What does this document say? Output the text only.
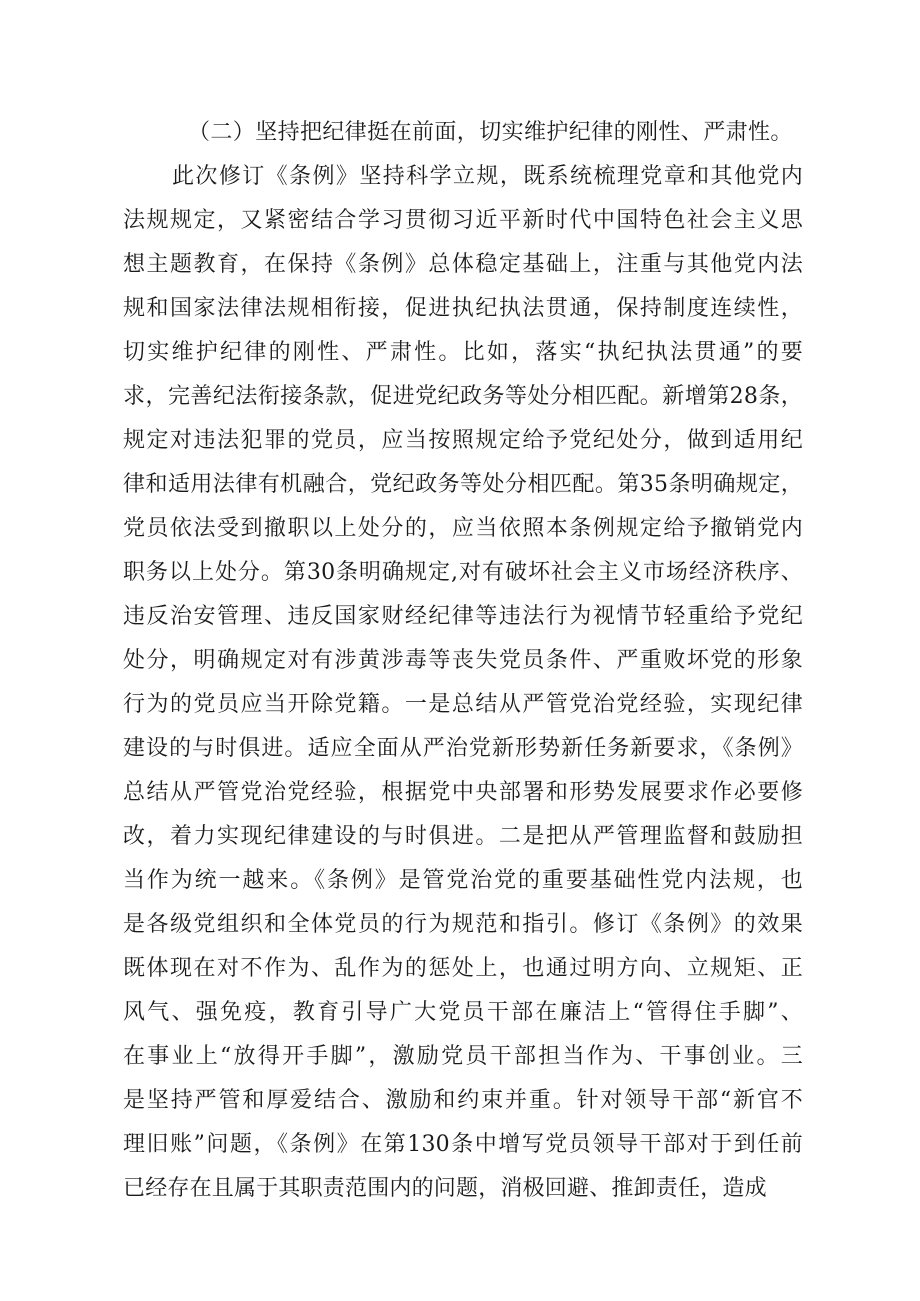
（二）坚持把纪律挺在前面，切实维护纪律的刚性、严肃性。
此次修订《条例》坚持科学立规，既系统梳理党章和其他党内
法规规定，又紧密结合学习贯彻习近平新时代中国特色社会主义思
想主题教育，在保持《条例》总体稳定基础上，注重与其他党内法
规和国家法律法规相衔接，促进执纪执法贯通，保持制度连续性，
切实维护纪律的刚性、严肃性。比如，落实“执纪执法贯通”的要
求，完善纪法衔接条款，促进党纪政务等处分相匹配。新增第28条，
规定对违法犯罪的党员，应当按照规定给予党纪处分，做到适用纪
律和适用法律有机融合，党纪政务等处分相匹配。第35条明确规定，
党员依法受到撤职以上处分的，应当依照本条例规定给予撤销党内
职务以上处分。第30条明确规定,对有破坏社会主义市场经济秩序、
违反治安管理、违反国家财经纪律等违法行为视情节轻重给予党纪
处分，明确规定对有涉黄涉毒等丧失党员条件、严重败坏党的形象
行为的党员应当开除党籍。一是总结从严管党治党经验，实现纪律
建设的与时俱进。适应全面从严治党新形势新任务新要求，《条例》
总结从严管党治党经验，根据党中央部署和形势发展要求作必要修
改，着力实现纪律建设的与时俱进。二是把从严管理监督和鼓励担
当作为统一越来。《条例》是管党治党的重要基础性党内法规，也
是各级党组织和全体党员的行为规范和指引。修订《条例》的效果
既体现在对不作为、乱作为的惩处上，也通过明方向、立规矩、正
风气、强免疫，教育引导广大党员干部在廉洁上“管得住手脚”、
在事业上“放得开手脚”，激励党员干部担当作为、干事创业。三
是坚持严管和厚爱结合、激励和约束并重。针对领导干部“新官不
理旧账”问题，《条例》在第130条中增写党员领导干部对于到任前
已经存在且属于其职责范围内的问题，消极回避、推卸责任，造成
